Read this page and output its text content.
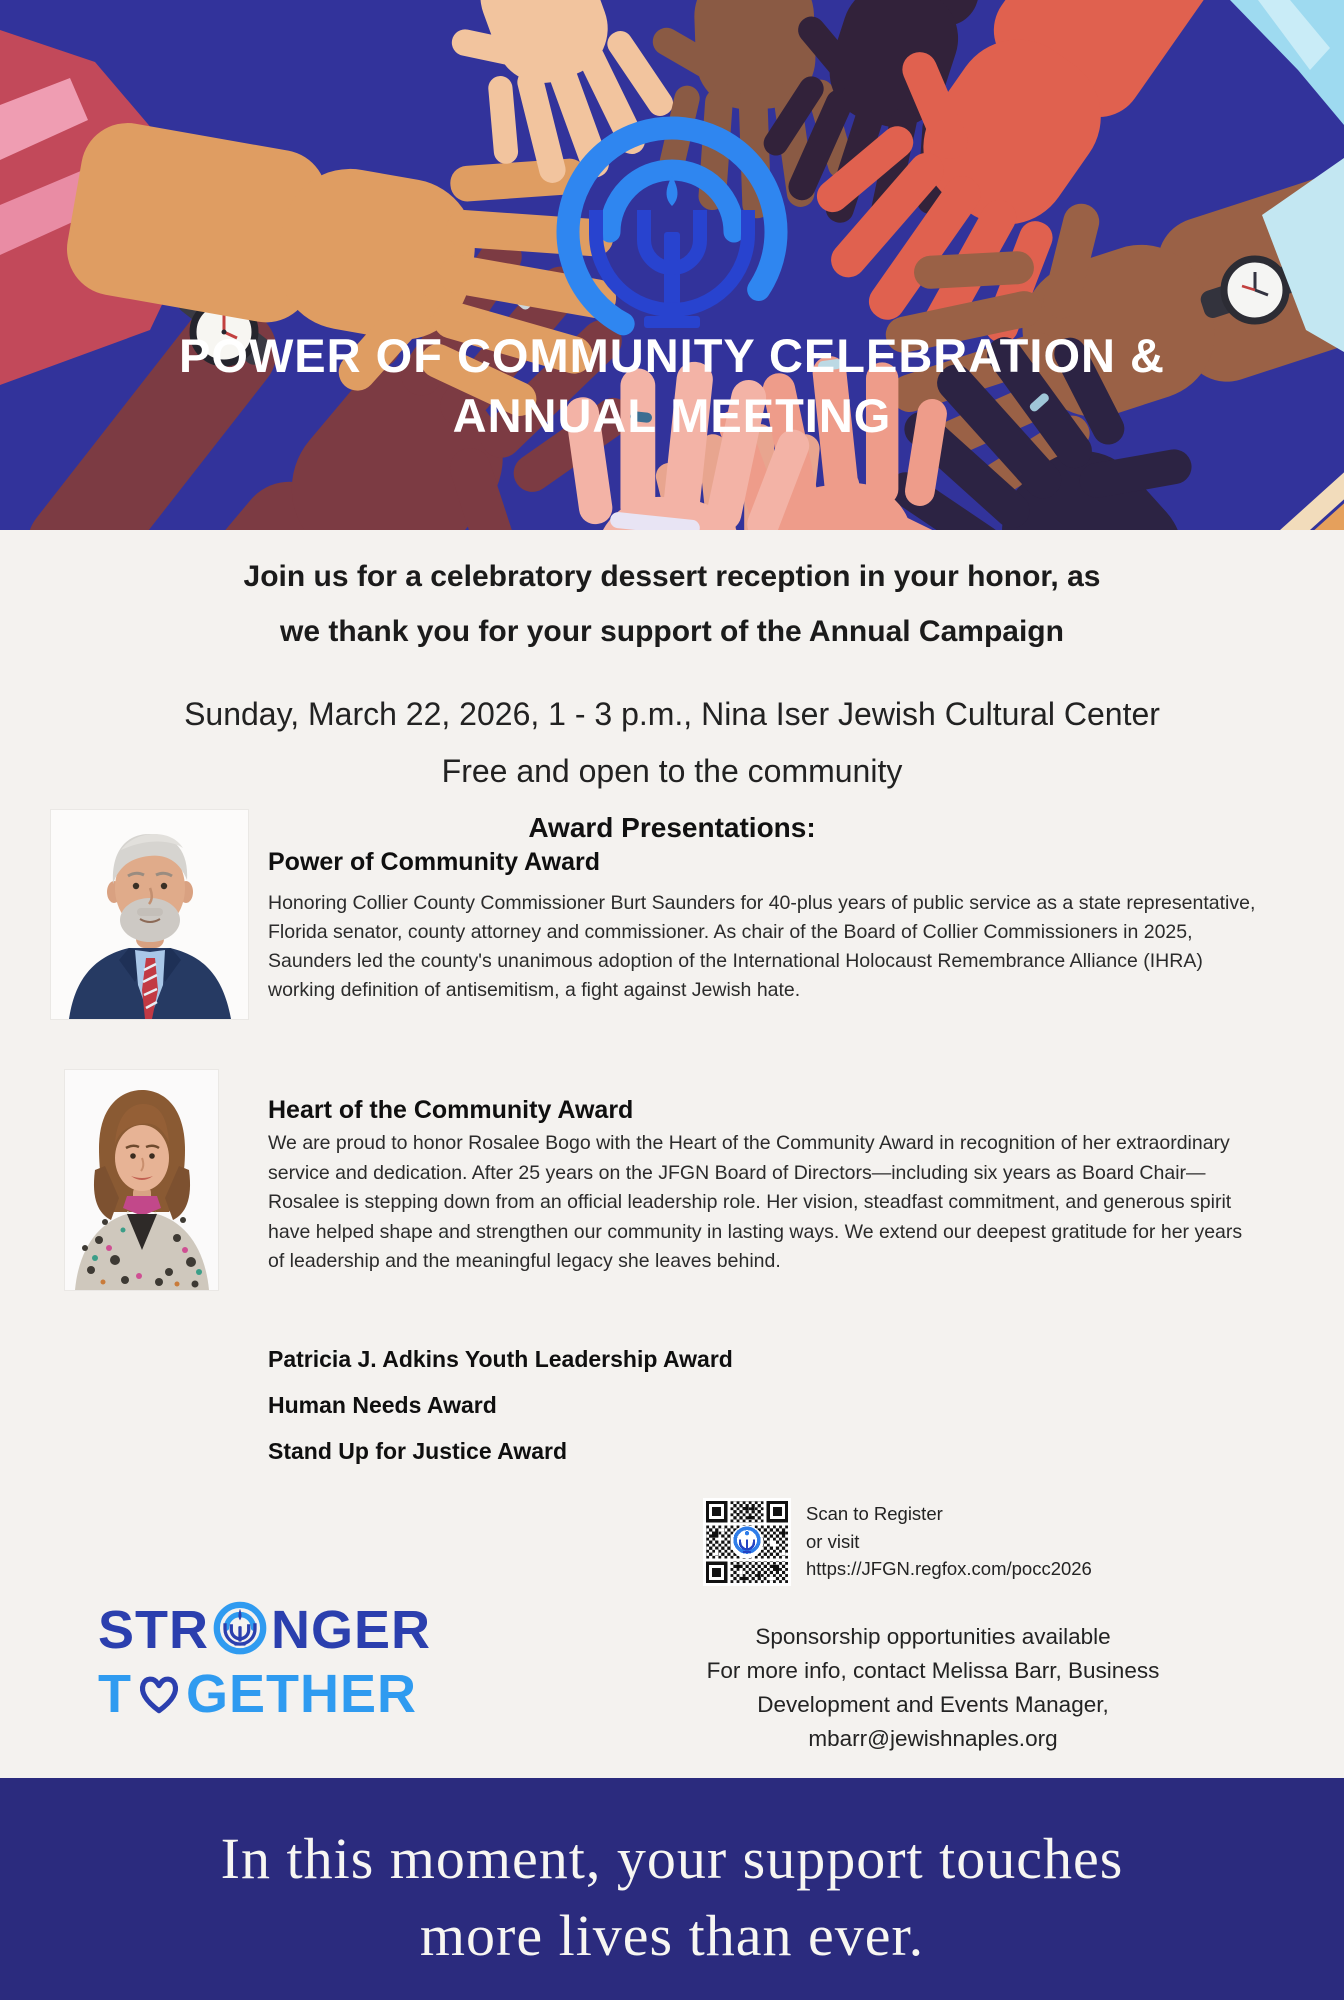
POWER OF COMMUNITY CELEBRATION &
ANNUAL MEETING
Join us for a celebratory dessert reception in your honor, as
we thank you for your support of the Annual Campaign
Sunday, March 22, 2026, 1 - 3 p.m., Nina Iser Jewish Cultural Center
Free and open to the community
Award Presentations:
Power of Community Award

Honoring Collier County Commissioner Burt Saunders for 40-plus years of public service as a state representative, Florida senator, county attorney and commissioner. As chair of the Board of Collier Commissioners in 2025, Saunders led the county's unanimous adoption of the International Holocaust Remembrance Alliance (IHRA) working definition of antisemitism, a fight against Jewish hate.

Heart of the Community Award

We are proud to honor Rosalee Bogo with the Heart of the Community Award in recognition of her extraordinary service and dedication. After 25 years on the JFGN Board of Directors—including six years as Board Chair—Rosalee is stepping down from an official leadership role. Her vision, steadfast commitment, and generous spirit have helped shape and strengthen our community in lasting ways. We extend our deepest gratitude for her years of leadership and the meaningful legacy she leaves behind.

Patricia J. Adkins Youth Leadership Award
Human Needs Award
Stand Up for Justice Award
Scan to Register
or visit
https://JFGN.regfox.com/pocc2026
STR NGER
T GETHER
Sponsorship opportunities available
For more info, contact Melissa Barr, Business
Development and Events Manager,
mbarr@jewishnaples.org
In this moment, your support touches
more lives than ever.
